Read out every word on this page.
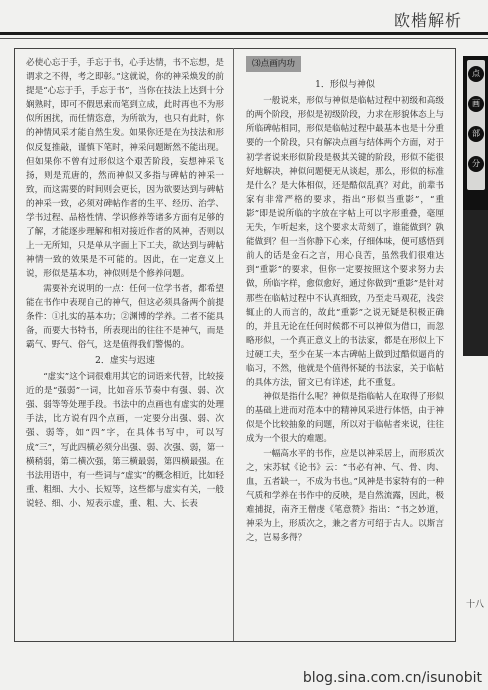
欧楷解析

必使心忘于手，手忘于书，心手达情，书不忘想，是谓求之不得，考之即彰。”这就说，你的神采焕发的前提是“心忘于手，手忘于书”，当你在技法上达到十分娴熟时，即可不假思索而笔到立成，此时再也不为形似所困扰，而任情恣意，为所欲为，也只有此时，你的神情风采才能自然生发。如果你还是在为技法和形似反复推敲，谨慎下笔时，神采问题断然不能出现。但如果你不曾有过形似这个艰苦阶段，妄想神采飞扬，则是荒唐的，然而神似又多指与碑帖的神采一致，而这需要的时间则会更长，因为欲要达到与碑帖的神采一致，必须对碑帖作者的生平、经历、治学、学书过程、品格性情、学识修养等诸多方面有足够的了解，才能逐步理解和相对接近作者的风神，否则以上一无所知，只是单从字面上下工夫，欲达到与碑帖神情一致的效果是不可能的。因此，在一定意义上说，形似是基本功，神似则是个修养问题。

需要补充说明的一点：任何一位学书者，都希望能在书作中表现自己的神气，但这必须具备两个前提条件：①扎实的基本功；②渊博的学养。二者不能具备，而要大书特书，所表现出的往往不是神气，而是霸气、野气、俗气，这是值得我们警惕的。

2．虚实与迟速

“虚实”这个词很难用其它的词语来代替，比较接近的是“强弱”一词，比如音乐节奏中有强、弱、次强、弱等等处理手段。书法中的点画也有虚实的处理手法，比方说有四个点画，一定要分出强、弱、次强、弱等，如“四”字，在具体书写中，可以写成“三”，写此四横必须分出强、弱、次强、弱，第一横稍弱，第二横次强，第三横最弱，第四横最强。在书法用语中，有一些词与“虚实”的概念相近，比如轻重、粗细、大小、长短等，这些都与虚实有关，一般说轻、细、小、短表示虚，重、粗、大、长表

⑶点画内功

1．形似与神似

一般说来，形似与神似是临帖过程中初级和高级的两个阶段，形似是初级阶段，力求在形貌体态上与所临碑帖相同，形似是临帖过程中最基本也是十分重要的一个阶段，只有解决点画与结体两个方面，对于初学者说来形似阶段是极其关键的阶段，形似不能很好地解决，神似问题便无从谈起，那么，形似的标准是什么？是大体相似，还是酷似乱真？对此，前辈书家有非常严格的要求，指出“形似当重影”，“重影”即是说所临的字放在字帖上可以字形重叠，毫厘无失，乍听起来，这个要求太苛刻了，谁能做到？孰能做到？但一当你静下心来，仔细体味，便可感悟到前人的话是金石之言，用心良苦，虽然我们很难达到“重影”的要求，但你一定要按照这个要求努力去做，所临字样，愈似愈好，通过你做到“重影”是针对那些在临帖过程中不认真细致，乃至走马观花，浅尝辄止的人而言的，故此“重影”之说无疑是积极正确的，并且无论在任何时候都不可以神似为借口，而忽略形似，一个真正意义上的书法家，都是在形似上下过硬工夫，至少在某一本古碑帖上做到过酷似逼肖的临习，不然，他就是个值得怀疑的书法家，关于临帖的具体方法，留文已有详述，此不重复。

神似是指什么呢？神似是指临帖人在取得了形似的基础上进而对范本中的精神风采进行体悟，由于神似是个比较抽象的问题，所以对于临帖者来说，往往成为一个很大的难题。

一幅高水平的书作，应是以神采居上，而形质次之，宋苏轼《论书》云：“书必有神、气、骨、肉、血，五者缺一，不成为书也。”风神是书家特有的一种气质和学养在书作中的反映，是自然流露，因此，极难捕捉，南齐王僧虔《笔意赞》指出：“书之妙道，神采为上，形质次之，兼之者方可绍于古人。以斯言之，岂易多得？

点
画
部
分
十八
blog.sina.com.cn/isunobit
